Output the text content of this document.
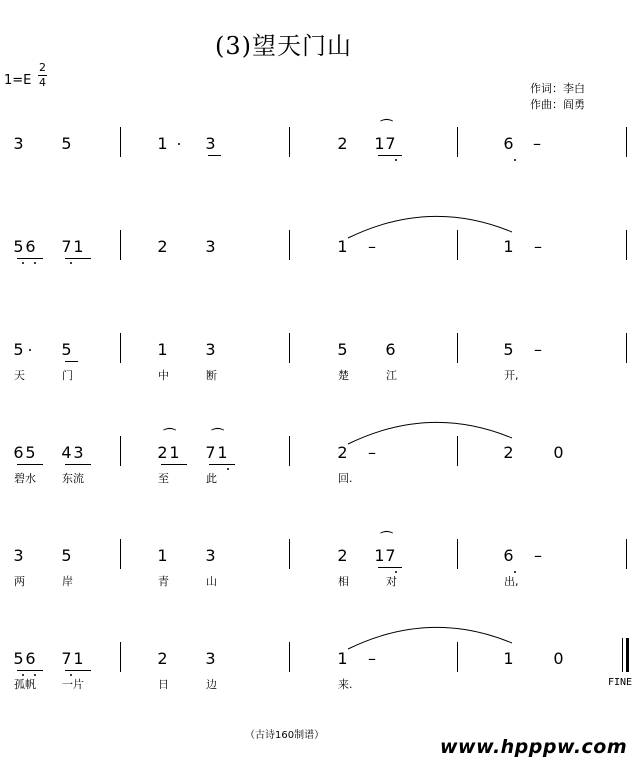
(3)望天门山
1=E
2
4	作词：李白
作曲：阎勇
3 5	1 3	2 1 7	6 –
⁀
5 6 7 1	2 3	1	1
–	–
5 5	1 3	5 6	5 –
天	门	中	断	楚	江	开,
6 5 4 3	2 1 7 1	2	2 0
–
⁀	⁀
碧水 东流	至	此	回.
3 5	1 3	2 1 7	6 –
⁀
两	岸	青	山	相	对	出,
5 6 7 1	2 3	1	1 0
–
孤帆 一片	日	边	来.	FINE
（古诗160制谱）
www.hpppw.com
